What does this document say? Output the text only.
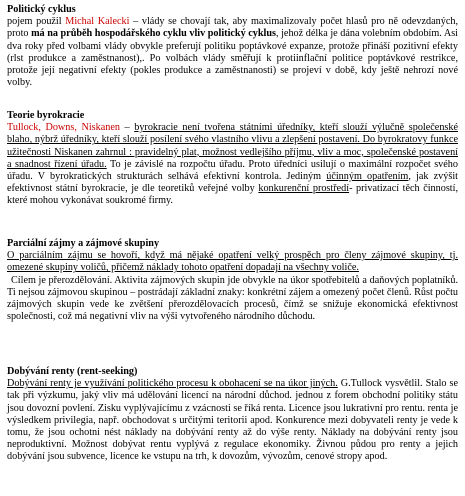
Politický cyklus

pojem použil Michal Kalecki – vlády se chovají tak, aby maximalizovaly počet hlasů pro ně odevzdaných, proto má na průběh hospodářského cyklu vliv politický cyklus, jehož délka je dána volebním obdobím. Asi dva roky před volbami vlády obvykle preferují politiku poptávkové expanze, protože přináší pozitivní efekty (rlst produkce a zaměstnanost),. Po volbách vlády směřují k protiinflační politice poptávkové restrikce, protože její negativní efekty (pokles produkce a zaměstnanosti) se projeví v době, kdy ještě nehrozí nové volby.

Teorie byrokracie

Tullock, Downs, Niskanen – byrokracie není tvořena státními úředníky, kteří slouží výlučně společenské blaho, nýbrž úředníky, kteří slouží posílení svého vlastního vlivu a zlepšení postavení. Do byrokratovy funkce užitečnosti Niskanen zahrnul : pravidelný plat, možnost vedlejšího příjmu, vliv a moc, společenské postavení a snadnost řízení úřadu. To je závislé na rozpočtu úřadu. Proto úředníci usilují o maximální rozpočet svého úřadu. V byrokratických strukturách selhává efektivní kontrola. Jediným účinným opatřením, jak zvýšit efektivnost státní byrokracie, je dle teoretiků veřejné volby konkurenční prostředí- privatizací těch činností, které mohou vykonávat soukromé firmy.

Parciální zájmy a zájmové skupiny

O parciálním zájmu se hovoří, když má nějaké opatření velký prospěch pro členy zájmové skupiny, tj. omezené skupiny voličů, přičemž náklady tohoto opatření dopadají na všechny voliče.

Cílem je přerozdělování. Aktivita zájmových skupin jde obvykle na úkor spotřebitelů a daňových poplatníků. Ti nejsou zájmovou skupinou – postrádají základní znaky: konkrétní zájem a omezený počet členů. Růst počtu zájmových skupin vede ke zvětšení přerozdělovacích procesů, čímž se snižuje ekonomická efektivnost společnosti, což má negativní vliv na výši vytvořeného národního důchodu.

Dobývání renty (rent-seeking)

Dobývání renty je využívání politického procesu k obohacení se na úkor jiných. G.Tullock vysvětlil. Stalo se tak při výzkumu, jaký vliv má udělování licencí na národní důchod. jednou z forem obchodní politiky státu jsou dovozní povlení. Zisku vyplývajícímu z vzácnosti se říká renta. Licence jsou lukrativní pro rentu. renta je výsledkem privilegia, např. obchodovat s určitými teritorii apod. Konkurence mezi dobyvateli renty je vede k tomu, že jsou ochotni nést náklady na dobývání renty až do výše renty. Náklady na dobývání renty jsou neproduktivní. Možnost dobývat rentu vyplývá z regulace ekonomiky. Živnou půdou pro renty a jejich dobývání jsou subvence, licence ke vstupu na trh, k dovozům, vývozům, cenové stropy apod.
